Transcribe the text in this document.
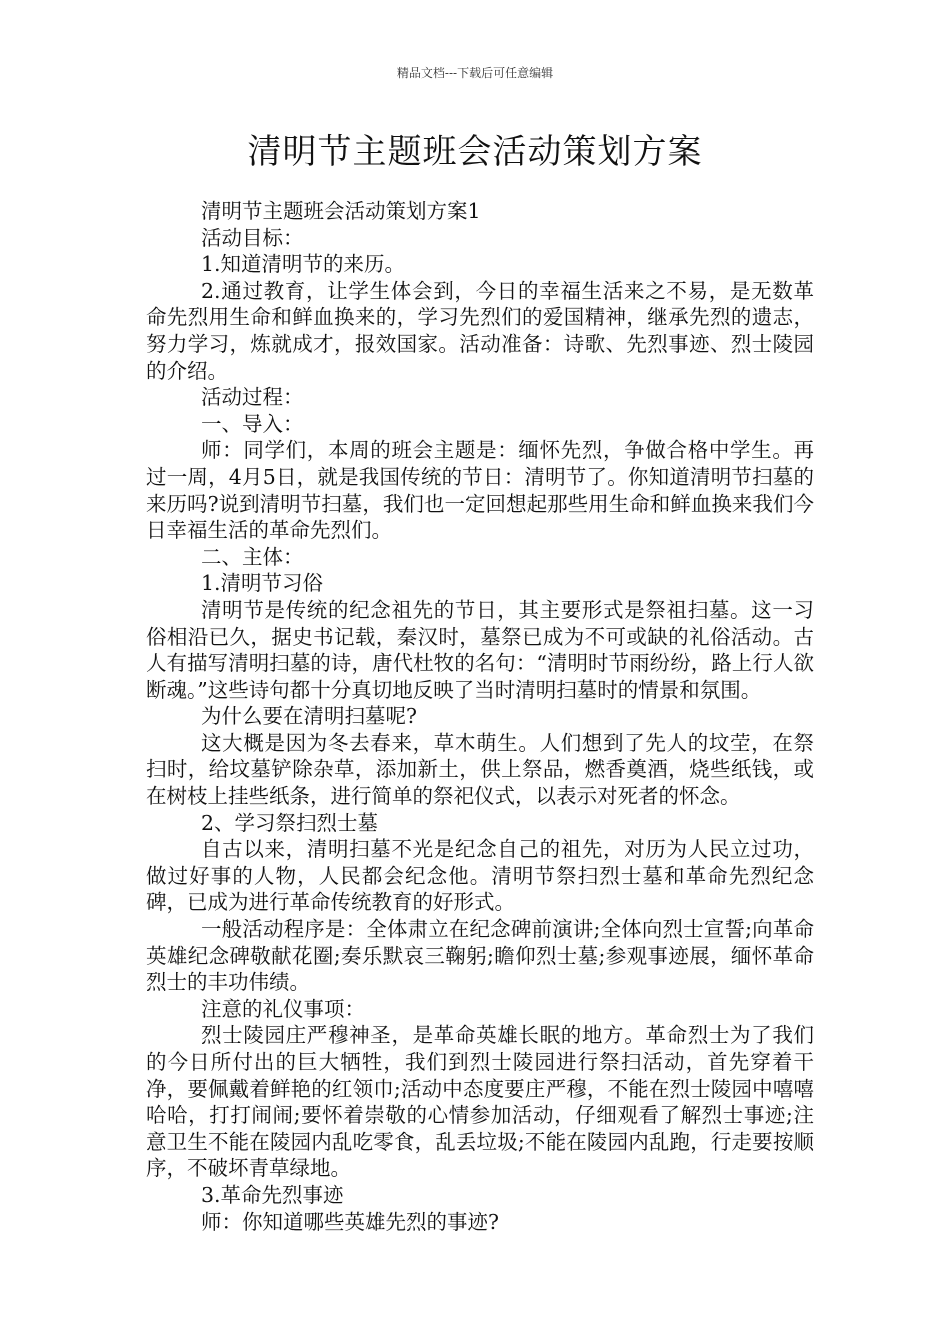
精品文档---下载后可任意编辑
清明节主题班会活动策划方案

清明节主题班会活动策划方案1

活动目标：

1.知道清明节的来历。

2.通过教育，让学生体会到，今日的幸福生活来之不易，是无数革命先烈用生命和鲜血换来的，学习先烈们的爱国精神，继承先烈的遗志，努力学习，炼就成才，报效国家。活动准备：诗歌、先烈事迹、烈士陵园的介绍。

活动过程：

一、导入：

师：同学们，本周的班会主题是：缅怀先烈，争做合格中学生。再过一周，4月5日，就是我国传统的节日：清明节了。你知道清明节扫墓的来历吗?说到清明节扫墓，我们也一定回想起那些用生命和鲜血换来我们今日幸福生活的革命先烈们。

二、主体：

1.清明节习俗

清明节是传统的纪念祖先的节日，其主要形式是祭祖扫墓。这一习俗相沿已久，据史书记载，秦汉时，墓祭已成为不可或缺的礼俗活动。古人有描写清明扫墓的诗，唐代杜牧的名句：“清明时节雨纷纷，路上行人欲断魂。”这些诗句都十分真切地反映了当时清明扫墓时的情景和氛围。

为什么要在清明扫墓呢?

这大概是因为冬去春来，草木萌生。人们想到了先人的坟茔，在祭扫时，给坟墓铲除杂草，添加新土，供上祭品，燃香奠酒，烧些纸钱，或在树枝上挂些纸条，进行简单的祭祀仪式，以表示对死者的怀念。

2、学习祭扫烈士墓

自古以来，清明扫墓不光是纪念自己的祖先，对历为人民立过功，做过好事的人物，人民都会纪念他。清明节祭扫烈士墓和革命先烈纪念碑，已成为进行革命传统教育的好形式。

一般活动程序是：全体肃立在纪念碑前演讲;全体向烈士宣誓;向革命英雄纪念碑敬献花圈;奏乐默哀三鞠躬;瞻仰烈士墓;参观事迹展，缅怀革命烈士的丰功伟绩。

注意的礼仪事项：

烈士陵园庄严穆神圣，是革命英雄长眠的地方。革命烈士为了我们的今日所付出的巨大牺牲，我们到烈士陵园进行祭扫活动，首先穿着干净，要佩戴着鲜艳的红领巾;活动中态度要庄严穆，不能在烈士陵园中嘻嘻哈哈，打打闹闹;要怀着崇敬的心情参加活动，仔细观看了解烈士事迹;注意卫生不能在陵园内乱吃零食，乱丢垃圾;不能在陵园内乱跑，行走要按顺序，不破坏青草绿地。

3.革命先烈事迹

师：你知道哪些英雄先烈的事迹?
